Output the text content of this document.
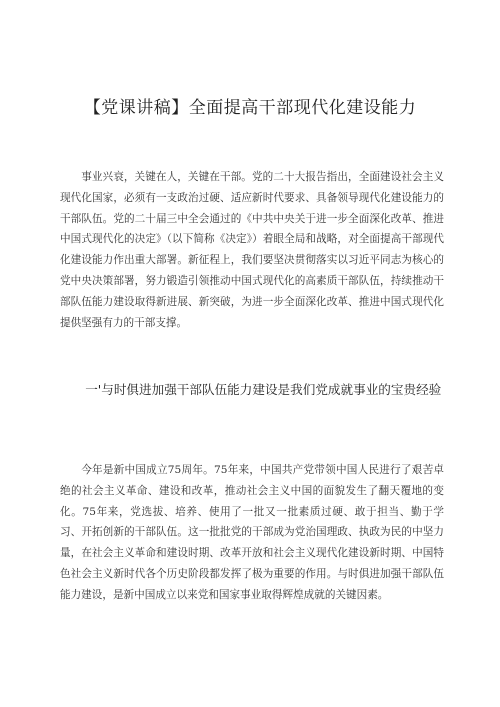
【党课讲稿】全面提高干部现代化建设能力

事业兴衰，关键在人，关键在干部。党的二十大报告指出，全面建设社会主义现代化国家，必须有一支政治过硬、适应新时代要求、具备领导现代化建设能力的干部队伍。党的二十届三中全会通过的《中共中央关于进一步全面深化改革、推进中国式现代化的决定》（以下简称《决定》）着眼全局和战略，对全面提高干部现代化建设能力作出重大部署。新征程上，我们要坚决贯彻落实以习近平同志为核心的党中央决策部署，努力锻造引领推动中国式现代化的高素质干部队伍，持续推动干部队伍能力建设取得新进展、新突破，为进一步全面深化改革、推进中国式现代化提供坚强有力的干部支撑。

一'与时俱进加强干部队伍能力建设是我们党成就事业的宝贵经验

今年是新中国成立75周年。75年来，中国共产党带领中国人民进行了艰苦卓绝的社会主义革命、建设和改革，推动社会主义中国的面貌发生了翻天覆地的变化。75年来，党选拔、培养、使用了一批又一批素质过硬、敢于担当、勤于学习、开拓创新的干部队伍。这一批批党的干部成为党治国理政、执政为民的中坚力量，在社会主义革命和建设时期、改革开放和社会主义现代化建设新时期、中国特色社会主义新时代各个历史阶段都发挥了极为重要的作用。与时俱进加强干部队伍能力建设，是新中国成立以来党和国家事业取得辉煌成就的关键因素。
